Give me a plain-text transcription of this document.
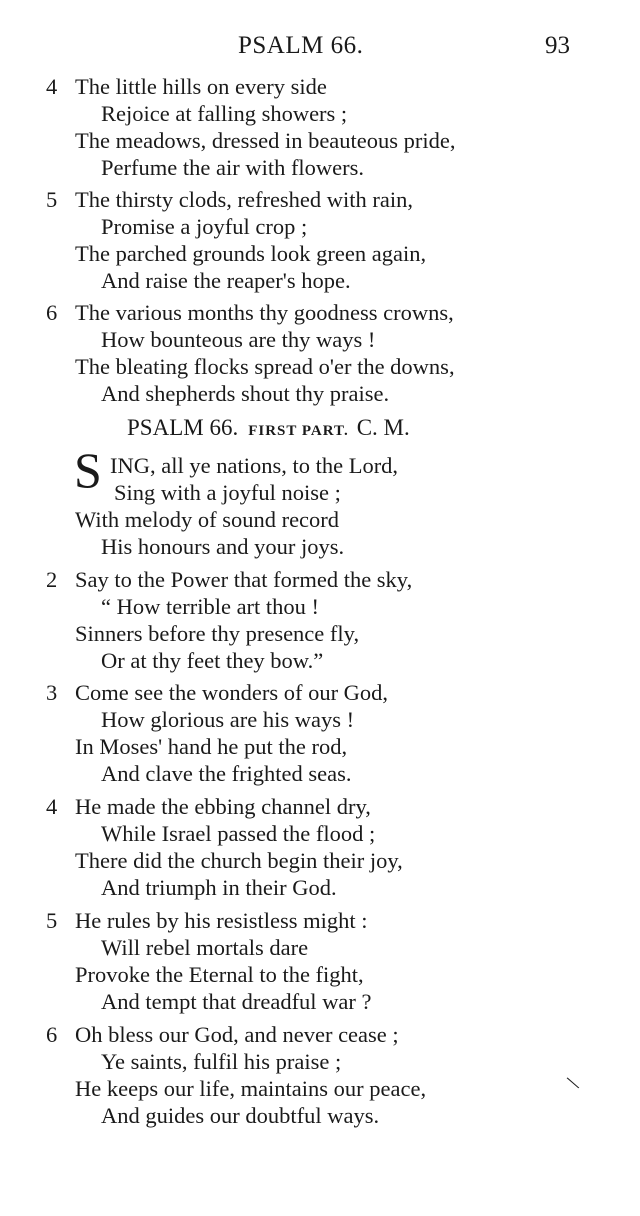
PSALM 66.	93
4 The little hills on every side
Rejoice at falling showers ;
The meadows, dressed in beauteous pride,
Perfume the air with flowers.
5 The thirsty clods, refreshed with rain,
Promise a joyful crop ;
The parched grounds look green again,
And raise the reaper's hope.
6 The various months thy goodness crowns,
How bounteous are thy ways !
The bleating flocks spread o'er the downs,
And shepherds shout thy praise.
PSALM 66. FIRST PART. C. M.
S ING, all ye nations, to the Lord,
Sing with a joyful noise ;
With melody of sound record
His honours and your joys.
2 Say to the Power that formed the sky,
“ How terrible art thou !
Sinners before thy presence fly,
Or at thy feet they bow.”
3 Come see the wonders of our God,
How glorious are his ways !
In Moses' hand he put the rod,
And clave the frighted seas.
4 He made the ebbing channel dry,
While Israel passed the flood ;
There did the church begin their joy,
And triumph in their God.
5 He rules by his resistless might :
Will rebel mortals dare
Provoke the Eternal to the fight,
And tempt that dreadful war ?
6 Oh bless our God, and never cease ;
Ye saints, fulfil his praise ;
He keeps our life, maintains our peace,
And guides our doubtful ways.
\
